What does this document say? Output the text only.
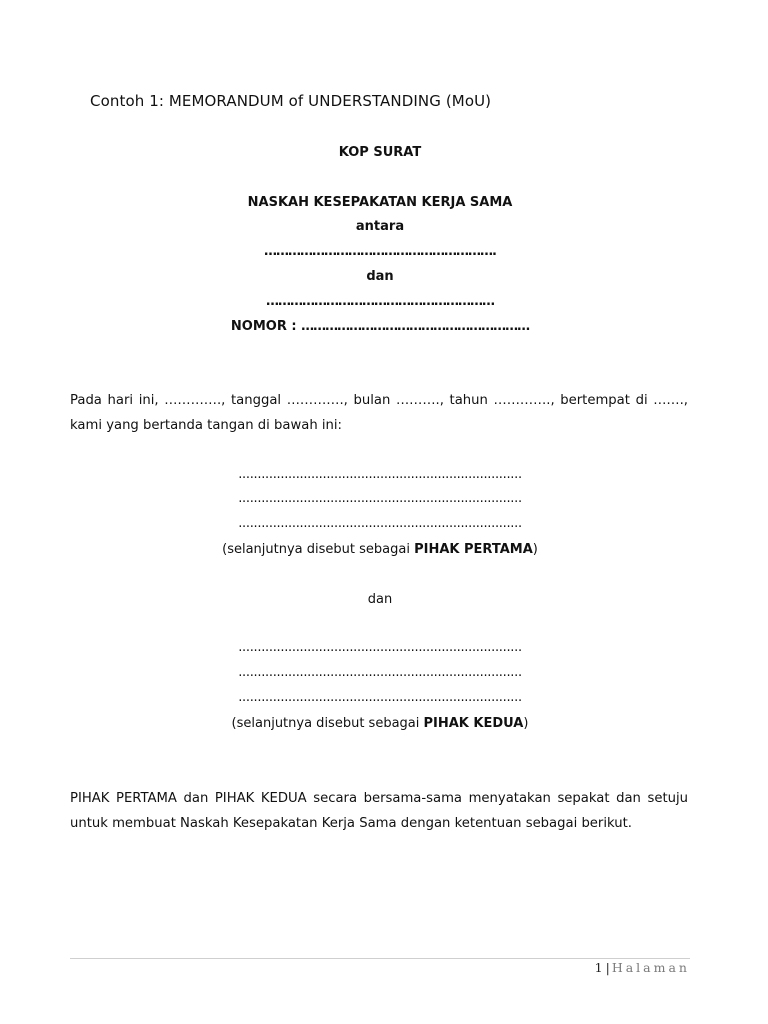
Contoh 1: MEMORANDUM of UNDERSTANDING (MoU)
KOP SURAT
NASKAH KESEPAKATAN KERJA SAMA
antara
………………………………………………….
dan
…………………………………………………
NOMOR : …………………………………………………
Pada hari ini, …………., tanggal …………., bulan ………., tahun …………., bertempat di ……., kami yang bertanda tangan di bawah ini:
..........................................................................
..........................................................................
..........................................................................
(selanjutnya disebut sebagai PIHAK PERTAMA)
dan
..........................................................................
..........................................................................
..........................................................................
(selanjutnya disebut sebagai PIHAK KEDUA)
PIHAK PERTAMA dan PIHAK KEDUA secara bersama-sama menyatakan sepakat dan setuju untuk membuat Naskah Kesepakatan Kerja Sama dengan ketentuan sebagai berikut.
1 | Halaman
